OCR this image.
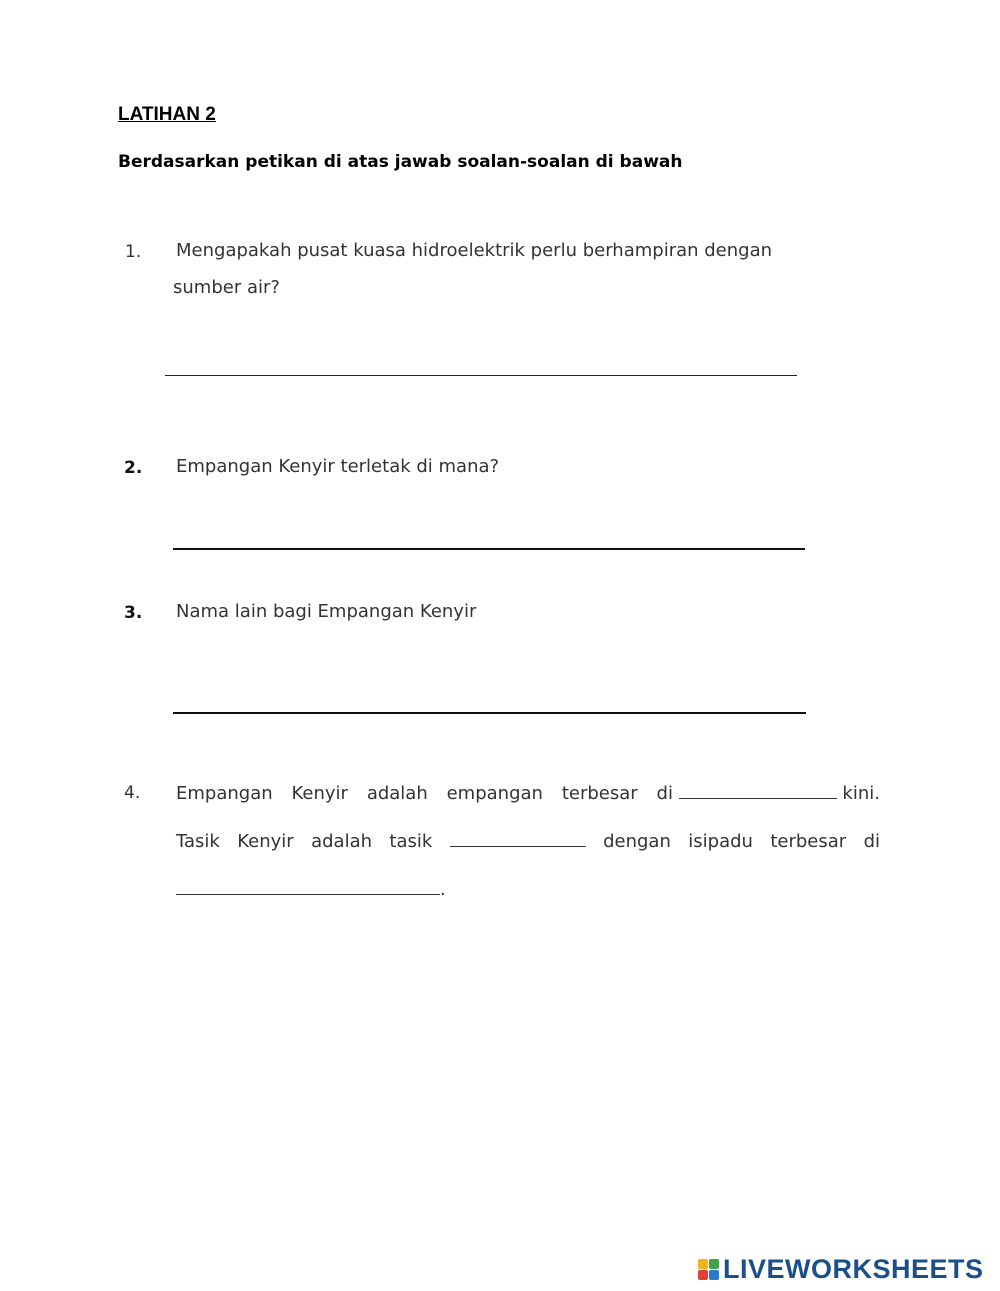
LATIHAN 2
Berdasarkan petikan di atas jawab soalan-soalan di bawah
1. Mengapakah pusat kuasa hidroelektrik perlu berhampiran dengan
sumber air?
2. Empangan Kenyir terletak di mana?
3. Nama lain bagi Empangan Kenyir
4. Empangan Kenyir adalah empangan terbesar di	kini.
Tasik Kenyir adalah tasik	dengan isipadu terbesar di
.
LIVEWORKSHEETS
